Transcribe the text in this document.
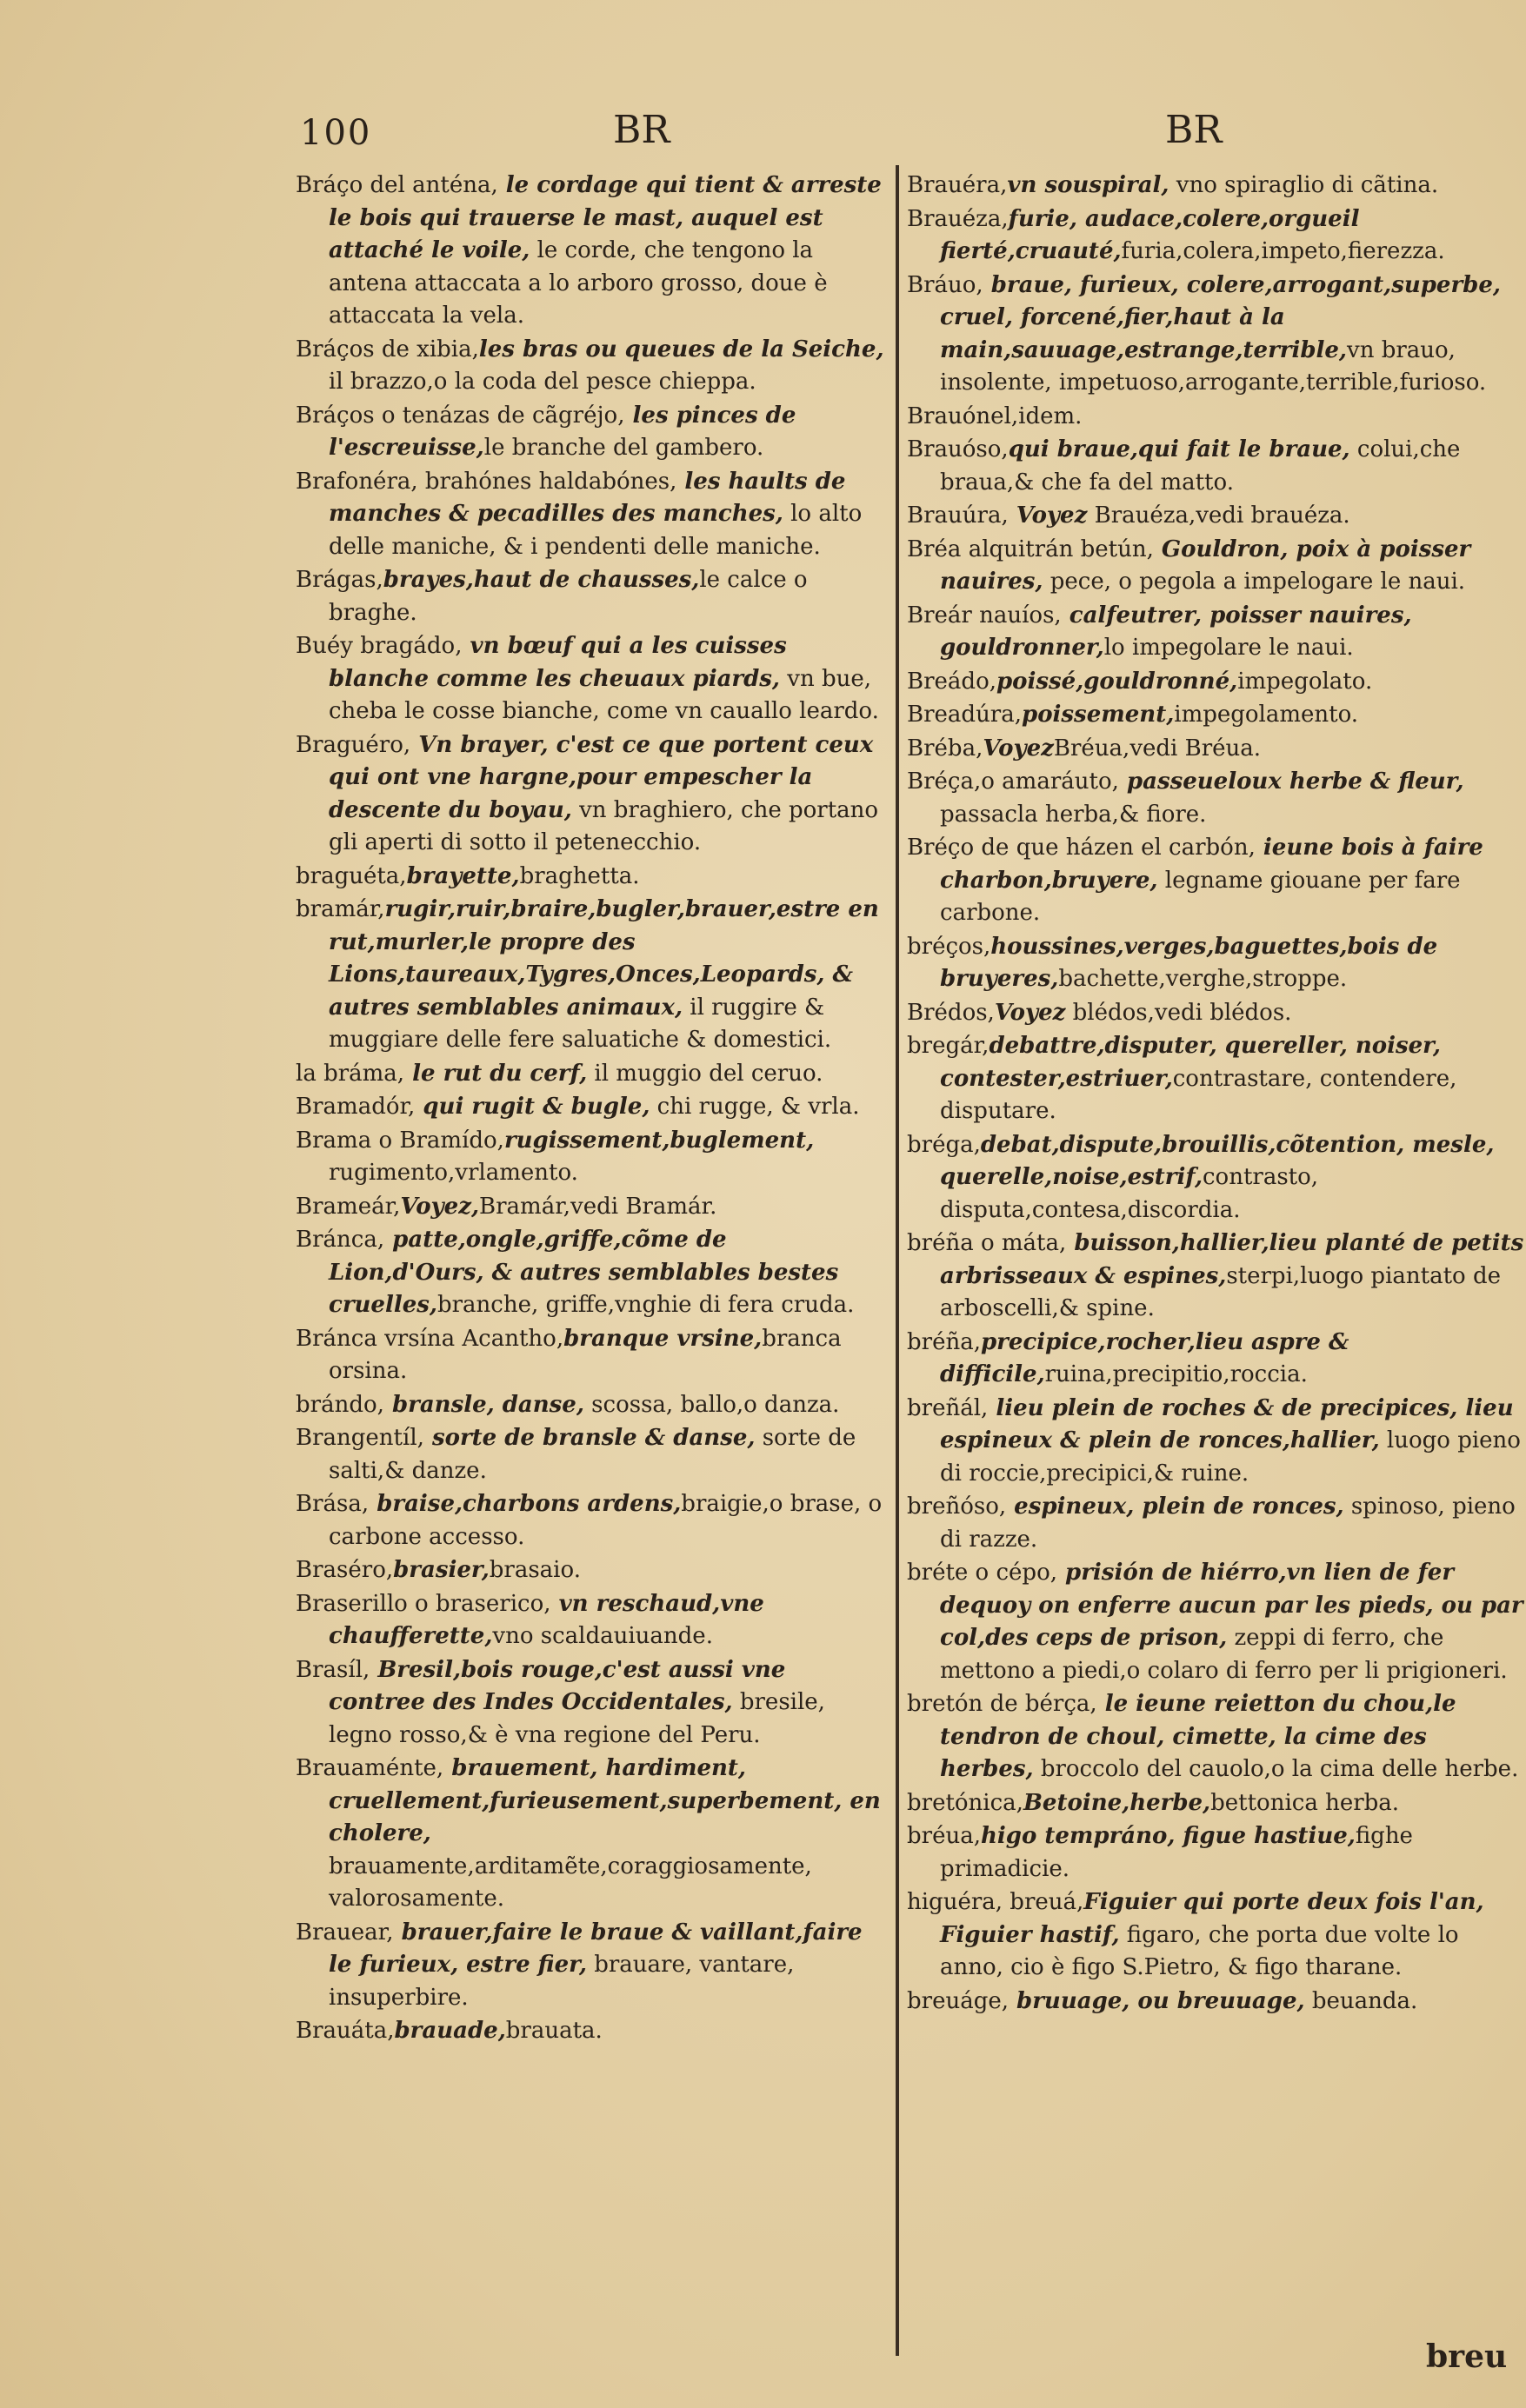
100	BR	BR

Bráço del anténa, le cordage qui tient & arreste le bois qui trauerse le mast, auquel est attaché le voile, le corde, che tengono la antena attaccata a lo arboro grosso, doue è attaccata la vela.

Bráços de xibia,les bras ou queues de la Seiche, il brazzo,o la coda del pesce chieppa.

Bráços o tenázas de cãgréjo, les pinces de l'escreuisse,le branche del gambero.

Brafonéra, brahónes haldabónes, les haults de manches & pecadilles des manches, lo alto delle maniche, & i pendenti delle maniche.

Brágas,brayes,haut de chausses,le calce o braghe.

Buéy bragádo, vn bœuf qui a les cuisses blanche comme les cheuaux piards, vn bue, cheba le cosse bianche, come vn cauallo leardo.

Braguéro, Vn brayer, c'est ce que portent ceux qui ont vne hargne,pour empescher la descente du boyau, vn braghiero, che portano gli aperti di sotto il petenecchio.

braguéta,brayette,braghetta.

bramár,rugir,ruir,braire,bugler,brauer,estre en rut,murler,le propre des Lions,taureaux,Tygres,Onces,Leopards, & autres semblables animaux, il ruggire & muggiare delle fere saluatiche & domestici.

la bráma, le rut du cerf, il muggio del ceruo.

Bramadór, qui rugit & bugle, chi rugge, & vrla.

Brama o Bramído,rugissement,buglement, rugimento,vrlamento.

Brameár,Voyez,Bramár,vedi Bramár.

Bránca, patte,ongle,griffe,cõme de Lion,d'Ours, & autres semblables bestes cruelles,branche, griffe,vnghie di fera cruda.

Bránca vrsína Acantho,branque vrsine,branca orsina.

brándo, bransle, danse, scossa, ballo,o danza.

Brangentíl, sorte de bransle & danse, sorte de salti,& danze.

Brása, braise,charbons ardens,braigie,o brase, o carbone accesso.

Braséro,brasier,brasaio.

Braserillo o braserico, vn reschaud,vne chaufferette,vno scaldauiuande.

Brasíl, Bresil,bois rouge,c'est aussi vne contree des Indes Occidentales, bresile, legno rosso,& è vna regione del Peru.

Brauaménte, brauement, hardiment, cruellement,furieusement,superbement, en cholere, brauamente,arditamẽte,coraggiosamente, valorosamente.

Brauear, brauer,faire le braue & vaillant,faire le furieux, estre fier, brauare, vantare, insuperbire.

Brauáta,brauade,brauata.

Brauéra,vn souspiral, vno spiraglio di cãtina.

Brauéza,furie, audace,colere,orgueil fierté,cruauté,furia,colera,impeto,fierezza.

Bráuo, braue, furieux, colere,arrogant,superbe, cruel, forcené,fier,haut à la main,sauuage,estrange,terrible,vn brauo, insolente, impetuoso,arrogante,terrible,furioso.

Brauónel,idem.

Brauóso,qui braue,qui fait le braue, colui,che braua,& che fa del matto.

Brauúra, Voyez Brauéza,vedi brauéza.

Bréa alquitrán betún, Gouldron, poix à poisser nauires, pece, o pegola a impelogare le naui.

Breár nauíos, calfeutrer, poisser nauires, gouldronner,lo impegolare le naui.

Breádo,poissé,gouldronné,impegolato.

Breadúra,poissement,impegolamento.

Bréba,VoyezBréua,vedi Bréua.

Bréça,o amaráuto, passeueloux herbe & fleur, passacla herba,& fiore.

Bréço de que házen el carbón, ieune bois à faire charbon,bruyere, legname giouane per fare carbone.

bréços,houssines,verges,baguettes,bois de bruyeres,bachette,verghe,stroppe.

Brédos,Voyez blédos,vedi blédos.

bregár,debattre,disputer, quereller, noiser, contester,estriuer,contrastare, contendere, disputare.

bréga,debat,dispute,brouillis,cõtention, mesle, querelle,noise,estrif,contrasto, disputa,contesa,discordia.

bréña o máta, buisson,hallier,lieu planté de petits arbrisseaux & espines,sterpi,luogo piantato de arboscelli,& spine.

bréña,precipice,rocher,lieu aspre & difficile,ruina,precipitio,roccia.

breñál, lieu plein de roches & de precipices, lieu espineux & plein de ronces,hallier, luogo pieno di roccie,precipici,& ruine.

breñóso, espineux, plein de ronces, spinoso, pieno di razze.

bréte o cépo, prisión de hiérro,vn lien de fer dequoy on enferre aucun par les pieds, ou par col,des ceps de prison, zeppi di ferro, che mettono a piedi,o colaro di ferro per li prigioneri.

bretón de bérça, le ieune reietton du chou,le tendron de choul, cimette, la cime des herbes, broccolo del cauolo,o la cima delle herbe.

bretónica,Betoine,herbe,bettonica herba.

bréua,higo tempráno, figue hastiue,fighe primadicie.

higuéra, breuá,Figuier qui porte deux fois l'an, Figuier hastif, figaro, che porta due volte lo anno, cio è figo S.Pietro, & figo tharane.

breuáge, bruuage, ou breuuage, beuanda.

breu
